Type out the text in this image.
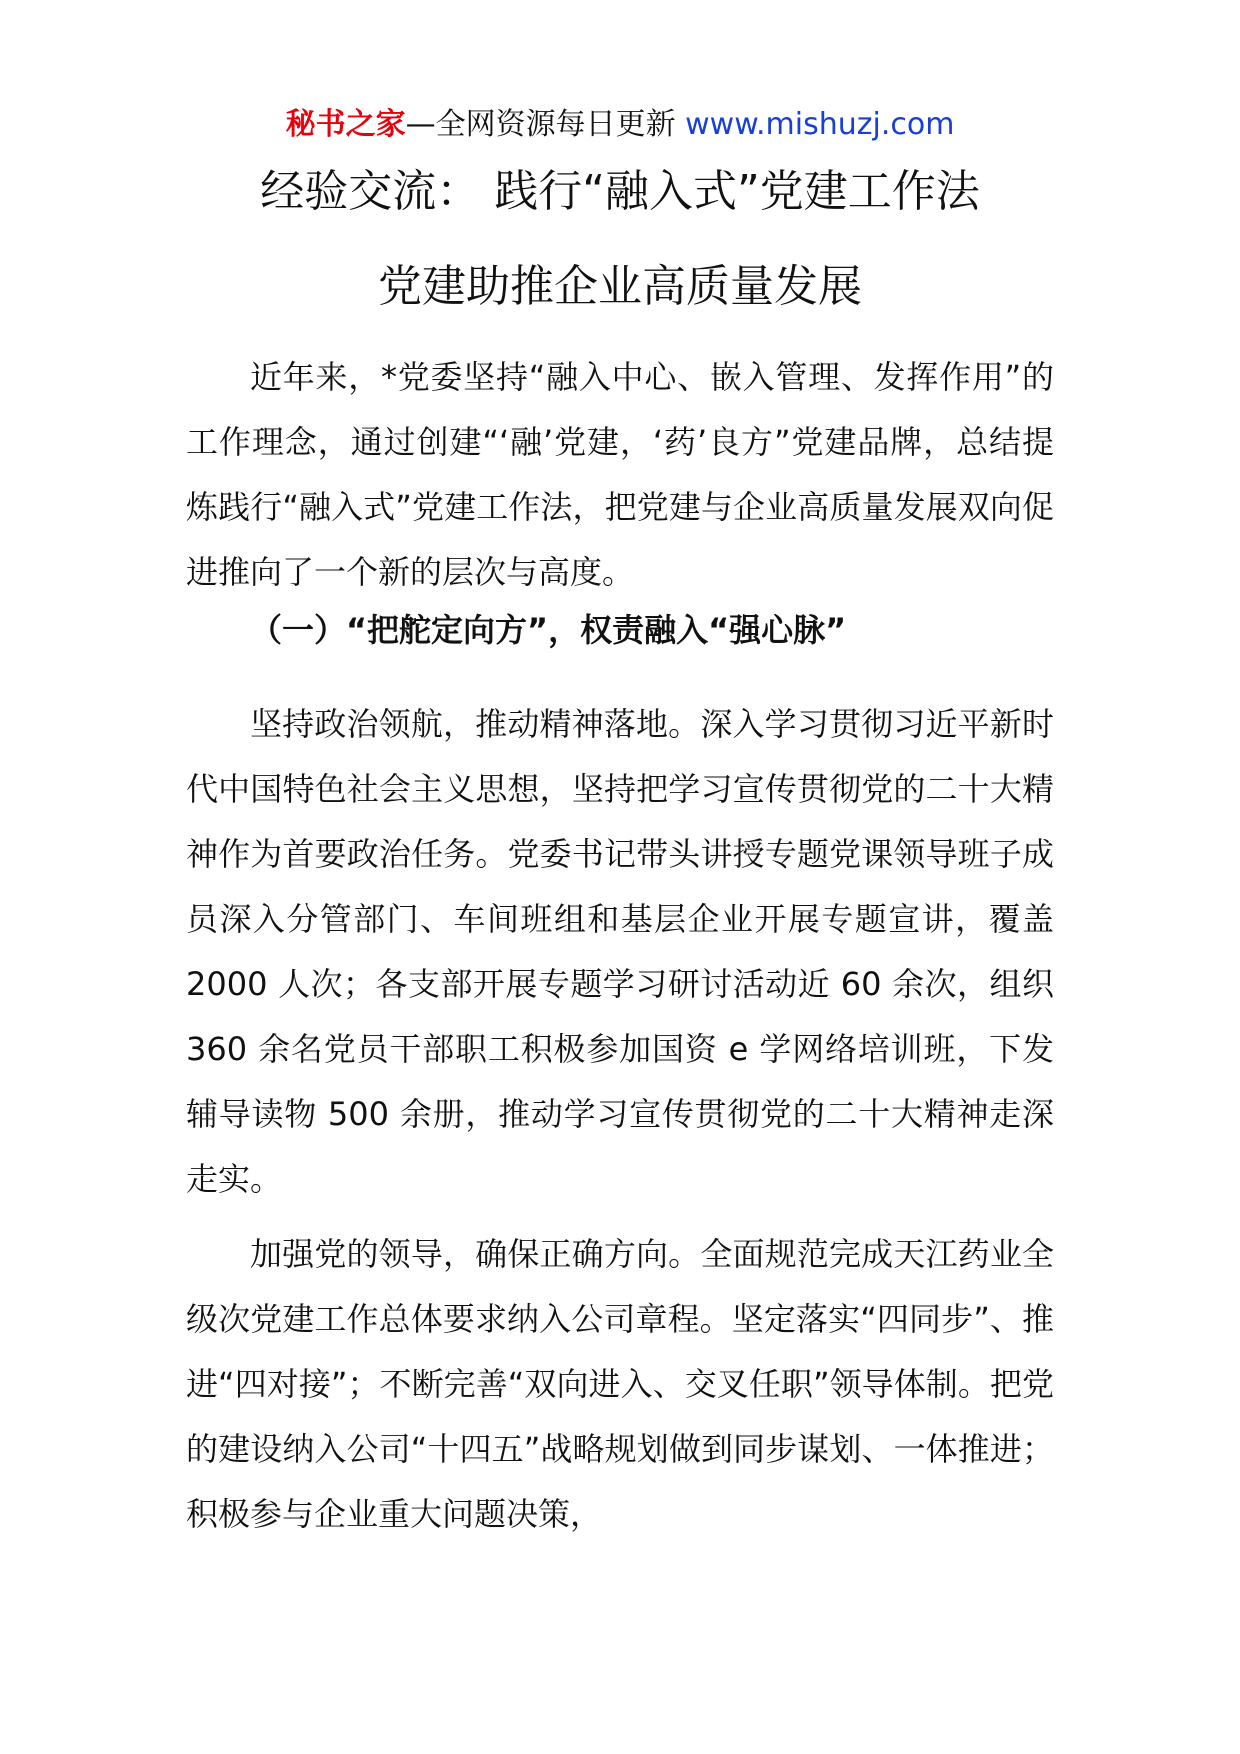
秘书之家—全网资源每日更新 www.mishuzj.com
经验交流： 践行“融入式”党建工作法
党建助推企业高质量发展

近年来，*党委坚持“融入中心、嵌入管理、发挥作用”的工作理念，通过创建“‘融’党建，‘药’良方”党建品牌，总结提炼践行“融入式”党建工作法，把党建与企业高质量发展双向促进推向了一个新的层次与高度。

（一）“把舵定向方”，权责融入“强心脉”

坚持政治领航，推动精神落地。深入学习贯彻习近平新时代中国特色社会主义思想，坚持把学习宣传贯彻党的二十大精神作为首要政治任务。党委书记带头讲授专题党课领导班子成员深入分管部门、车间班组和基层企业开展专题宣讲，覆盖 2000 人次；各支部开展专题学习研讨活动近 60 余次，组织 360 余名党员干部职工积极参加国资 e 学网络培训班，下发辅导读物 500 余册，推动学习宣传贯彻党的二十大精神走深走实。

加强党的领导，确保正确方向。全面规范完成天江药业全级次党建工作总体要求纳入公司章程。坚定落实“四同步”、推进“四对接”；不断完善“双向进入、交叉任职”领导体制。把党的建设纳入公司“十四五”战略规划做到同步谋划、一体推进；积极参与企业重大问题决策，
